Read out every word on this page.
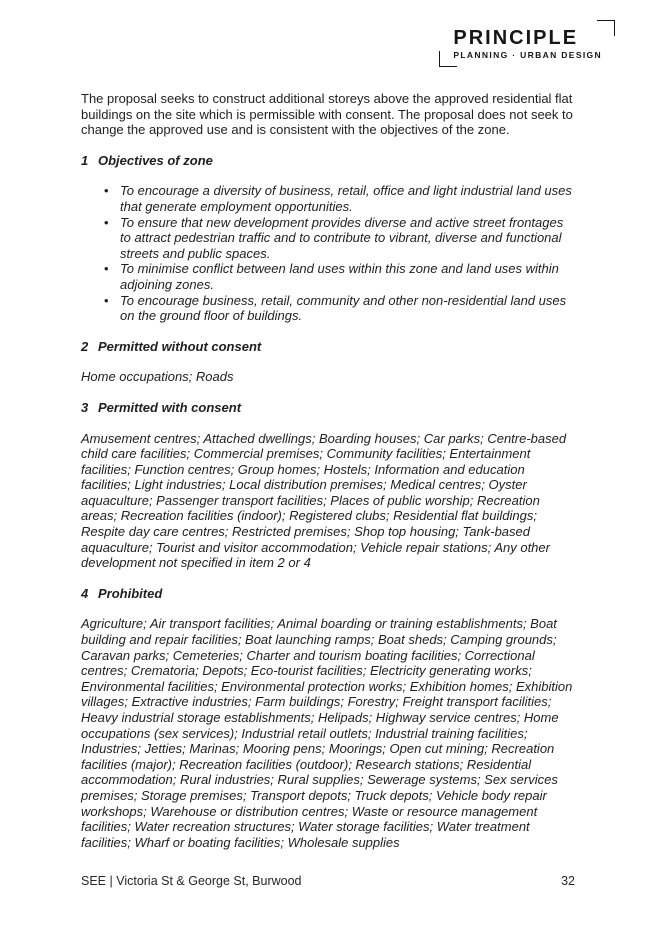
PRINCIPLE
PLANNING · URBAN DESIGN

The proposal seeks to construct additional storeys above the approved residential flat buildings on the site which is permissible with consent. The proposal does not seek to change the approved use and is consistent with the objectives of the zone.

1 Objectives of zone
• To encourage a diversity of business, retail, office and light industrial land uses that generate employment opportunities.
• To ensure that new development provides diverse and active street frontages to attract pedestrian traffic and to contribute to vibrant, diverse and functional streets and public spaces.
• To minimise conflict between land uses within this zone and land uses within adjoining zones.
• To encourage business, retail, community and other non-residential land uses on the ground floor of buildings.
2 Permitted without consent

Home occupations; Roads

3 Permitted with consent

Amusement centres; Attached dwellings; Boarding houses; Car parks; Centre-based child care facilities; Commercial premises; Community facilities; Entertainment facilities; Function centres; Group homes; Hostels; Information and education facilities; Light industries; Local distribution premises; Medical centres; Oyster aquaculture; Passenger transport facilities; Places of public worship; Recreation areas; Recreation facilities (indoor); Registered clubs; Residential flat buildings; Respite day care centres; Restricted premises; Shop top housing; Tank-based aquaculture; Tourist and visitor accommodation; Vehicle repair stations; Any other development not specified in item 2 or 4

4 Prohibited

Agriculture; Air transport facilities; Animal boarding or training establishments; Boat building and repair facilities; Boat launching ramps; Boat sheds; Camping grounds; Caravan parks; Cemeteries; Charter and tourism boating facilities; Correctional centres; Crematoria; Depots; Eco-tourist facilities; Electricity generating works; Environmental facilities; Environmental protection works; Exhibition homes; Exhibition villages; Extractive industries; Farm buildings; Forestry; Freight transport facilities; Heavy industrial storage establishments; Helipads; Highway service centres; Home occupations (sex services); Industrial retail outlets; Industrial training facilities; Industries; Jetties; Marinas; Mooring pens; Moorings; Open cut mining; Recreation facilities (major); Recreation facilities (outdoor); Research stations; Residential accommodation; Rural industries; Rural supplies; Sewerage systems; Sex services premises; Storage premises; Transport depots; Truck depots; Vehicle body repair workshops; Warehouse or distribution centres; Waste or resource management facilities; Water recreation structures; Water storage facilities; Water treatment facilities; Wharf or boating facilities; Wholesale supplies

SEE | Victoria St & George St, Burwood	32
